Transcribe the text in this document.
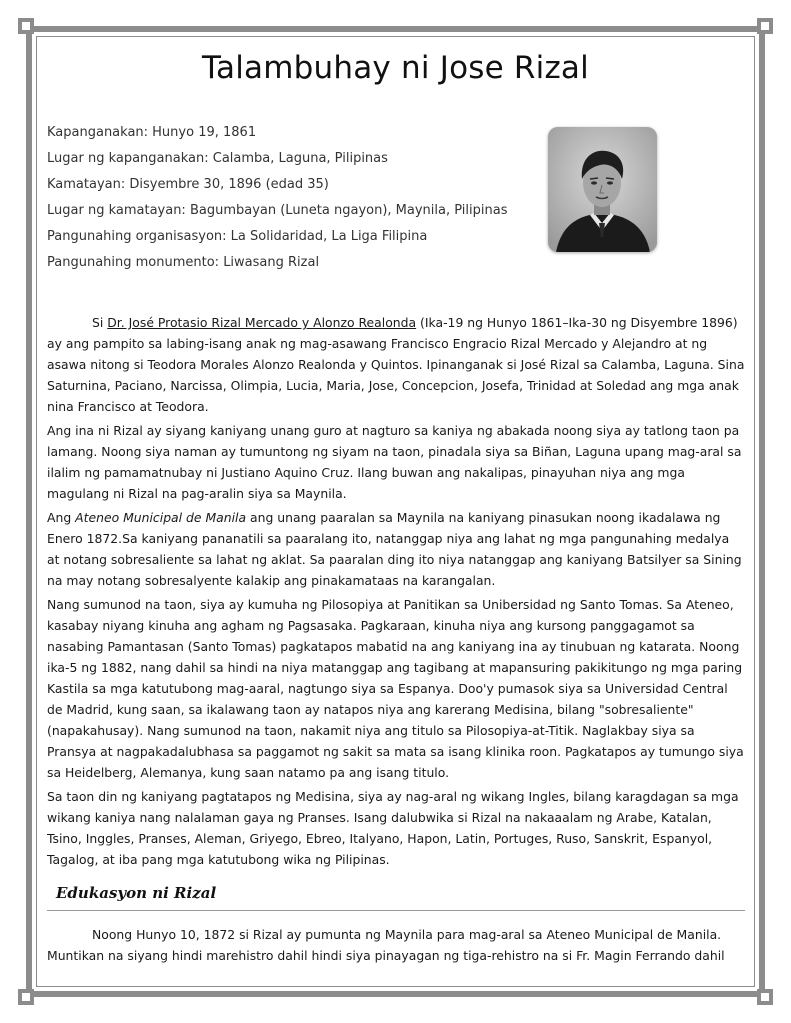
Talambuhay ni Jose Rizal
Kapanganakan: Hunyo 19, 1861
Lugar ng kapanganakan: Calamba, Laguna, Pilipinas
Kamatayan: Disyembre 30, 1896 (edad 35)
Lugar ng kamatayan: Bagumbayan (Luneta ngayon), Maynila, Pilipinas
Pangunahing organisasyon: La Solidaridad, La Liga Filipina
Pangunahing monumento: Liwasang Rizal

Si Dr. José Protasio Rizal Mercado y Alonzo Realonda (Ika-19 ng Hunyo 1861–Ika-30 ng Disyembre 1896) ay ang pampito sa labing-isang anak ng mag-asawang Francisco Engracio Rizal Mercado y Alejandro at ng asawa nitong si Teodora Morales Alonzo Realonda y Quintos. Ipinanganak si José Rizal sa Calamba, Laguna. Sina Saturnina, Paciano, Narcissa, Olimpia, Lucia, Maria, Jose, Concepcion, Josefa, Trinidad at Soledad ang mga anak nina Francisco at Teodora.

Ang ina ni Rizal ay siyang kaniyang unang guro at nagturo sa kaniya ng abakada noong siya ay tatlong taon pa lamang. Noong siya naman ay tumuntong ng siyam na taon, pinadala siya sa Biñan, Laguna upang mag-aral sa ilalim ng pamamatnubay ni Justiano Aquino Cruz. Ilang buwan ang nakalipas, pinayuhan niya ang mga magulang ni Rizal na pag-aralin siya sa Maynila.

Ang Ateneo Municipal de Manila ang unang paaralan sa Maynila na kaniyang pinasukan noong ikadalawa ng Enero 1872.Sa kaniyang pananatili sa paaralang ito, natanggap niya ang lahat ng mga pangunahing medalya at notang sobresaliente sa lahat ng aklat. Sa paaralan ding ito niya natanggap ang kaniyang Batsilyer sa Sining na may notang sobresalyente kalakip ang pinakamataas na karangalan.

Nang sumunod na taon, siya ay kumuha ng Pilosopiya at Panitikan sa Unibersidad ng Santo Tomas. Sa Ateneo, kasabay niyang kinuha ang agham ng Pagsasaka. Pagkaraan, kinuha niya ang kursong panggagamot sa nasabing Pamantasan (Santo Tomas) pagkatapos mabatid na ang kaniyang ina ay tinubuan ng katarata. Noong ika-5 ng 1882, nang dahil sa hindi na niya matanggap ang tagibang at mapansuring pakikitungo ng mga paring Kastila sa mga katutubong mag-aaral, nagtungo siya sa Espanya. Doo'y pumasok siya sa Universidad Central de Madrid, kung saan, sa ikalawang taon ay natapos niya ang karerang Medisina, bilang "sobresaliente" (napakahusay). Nang sumunod na taon, nakamit niya ang titulo sa Pilosopiya-at-Titik. Naglakbay siya sa Pransya at nagpakadalubhasa sa paggamot ng sakit sa mata sa isang klinika roon. Pagkatapos ay tumungo siya sa Heidelberg, Alemanya, kung saan natamo pa ang isang titulo.

Sa taon din ng kaniyang pagtatapos ng Medisina, siya ay nag-aral ng wikang Ingles, bilang karagdagan sa mga wikang kaniya nang nalalaman gaya ng Pranses. Isang dalubwika si Rizal na nakaaalam ng Arabe, Katalan, Tsino, Inggles, Pranses, Aleman, Griyego, Ebreo, Italyano, Hapon, Latin, Portuges, Ruso, Sanskrit, Espanyol, Tagalog, at iba pang mga katutubong wika ng Pilipinas.

Edukasyon ni Rizal

Noong Hunyo 10, 1872 si Rizal ay pumunta ng Maynila para mag-aral sa Ateneo Municipal de Manila. Muntikan na siyang hindi marehistro dahil hindi siya pinayagan ng tiga-rehistro na si Fr. Magin Ferrando dahil
